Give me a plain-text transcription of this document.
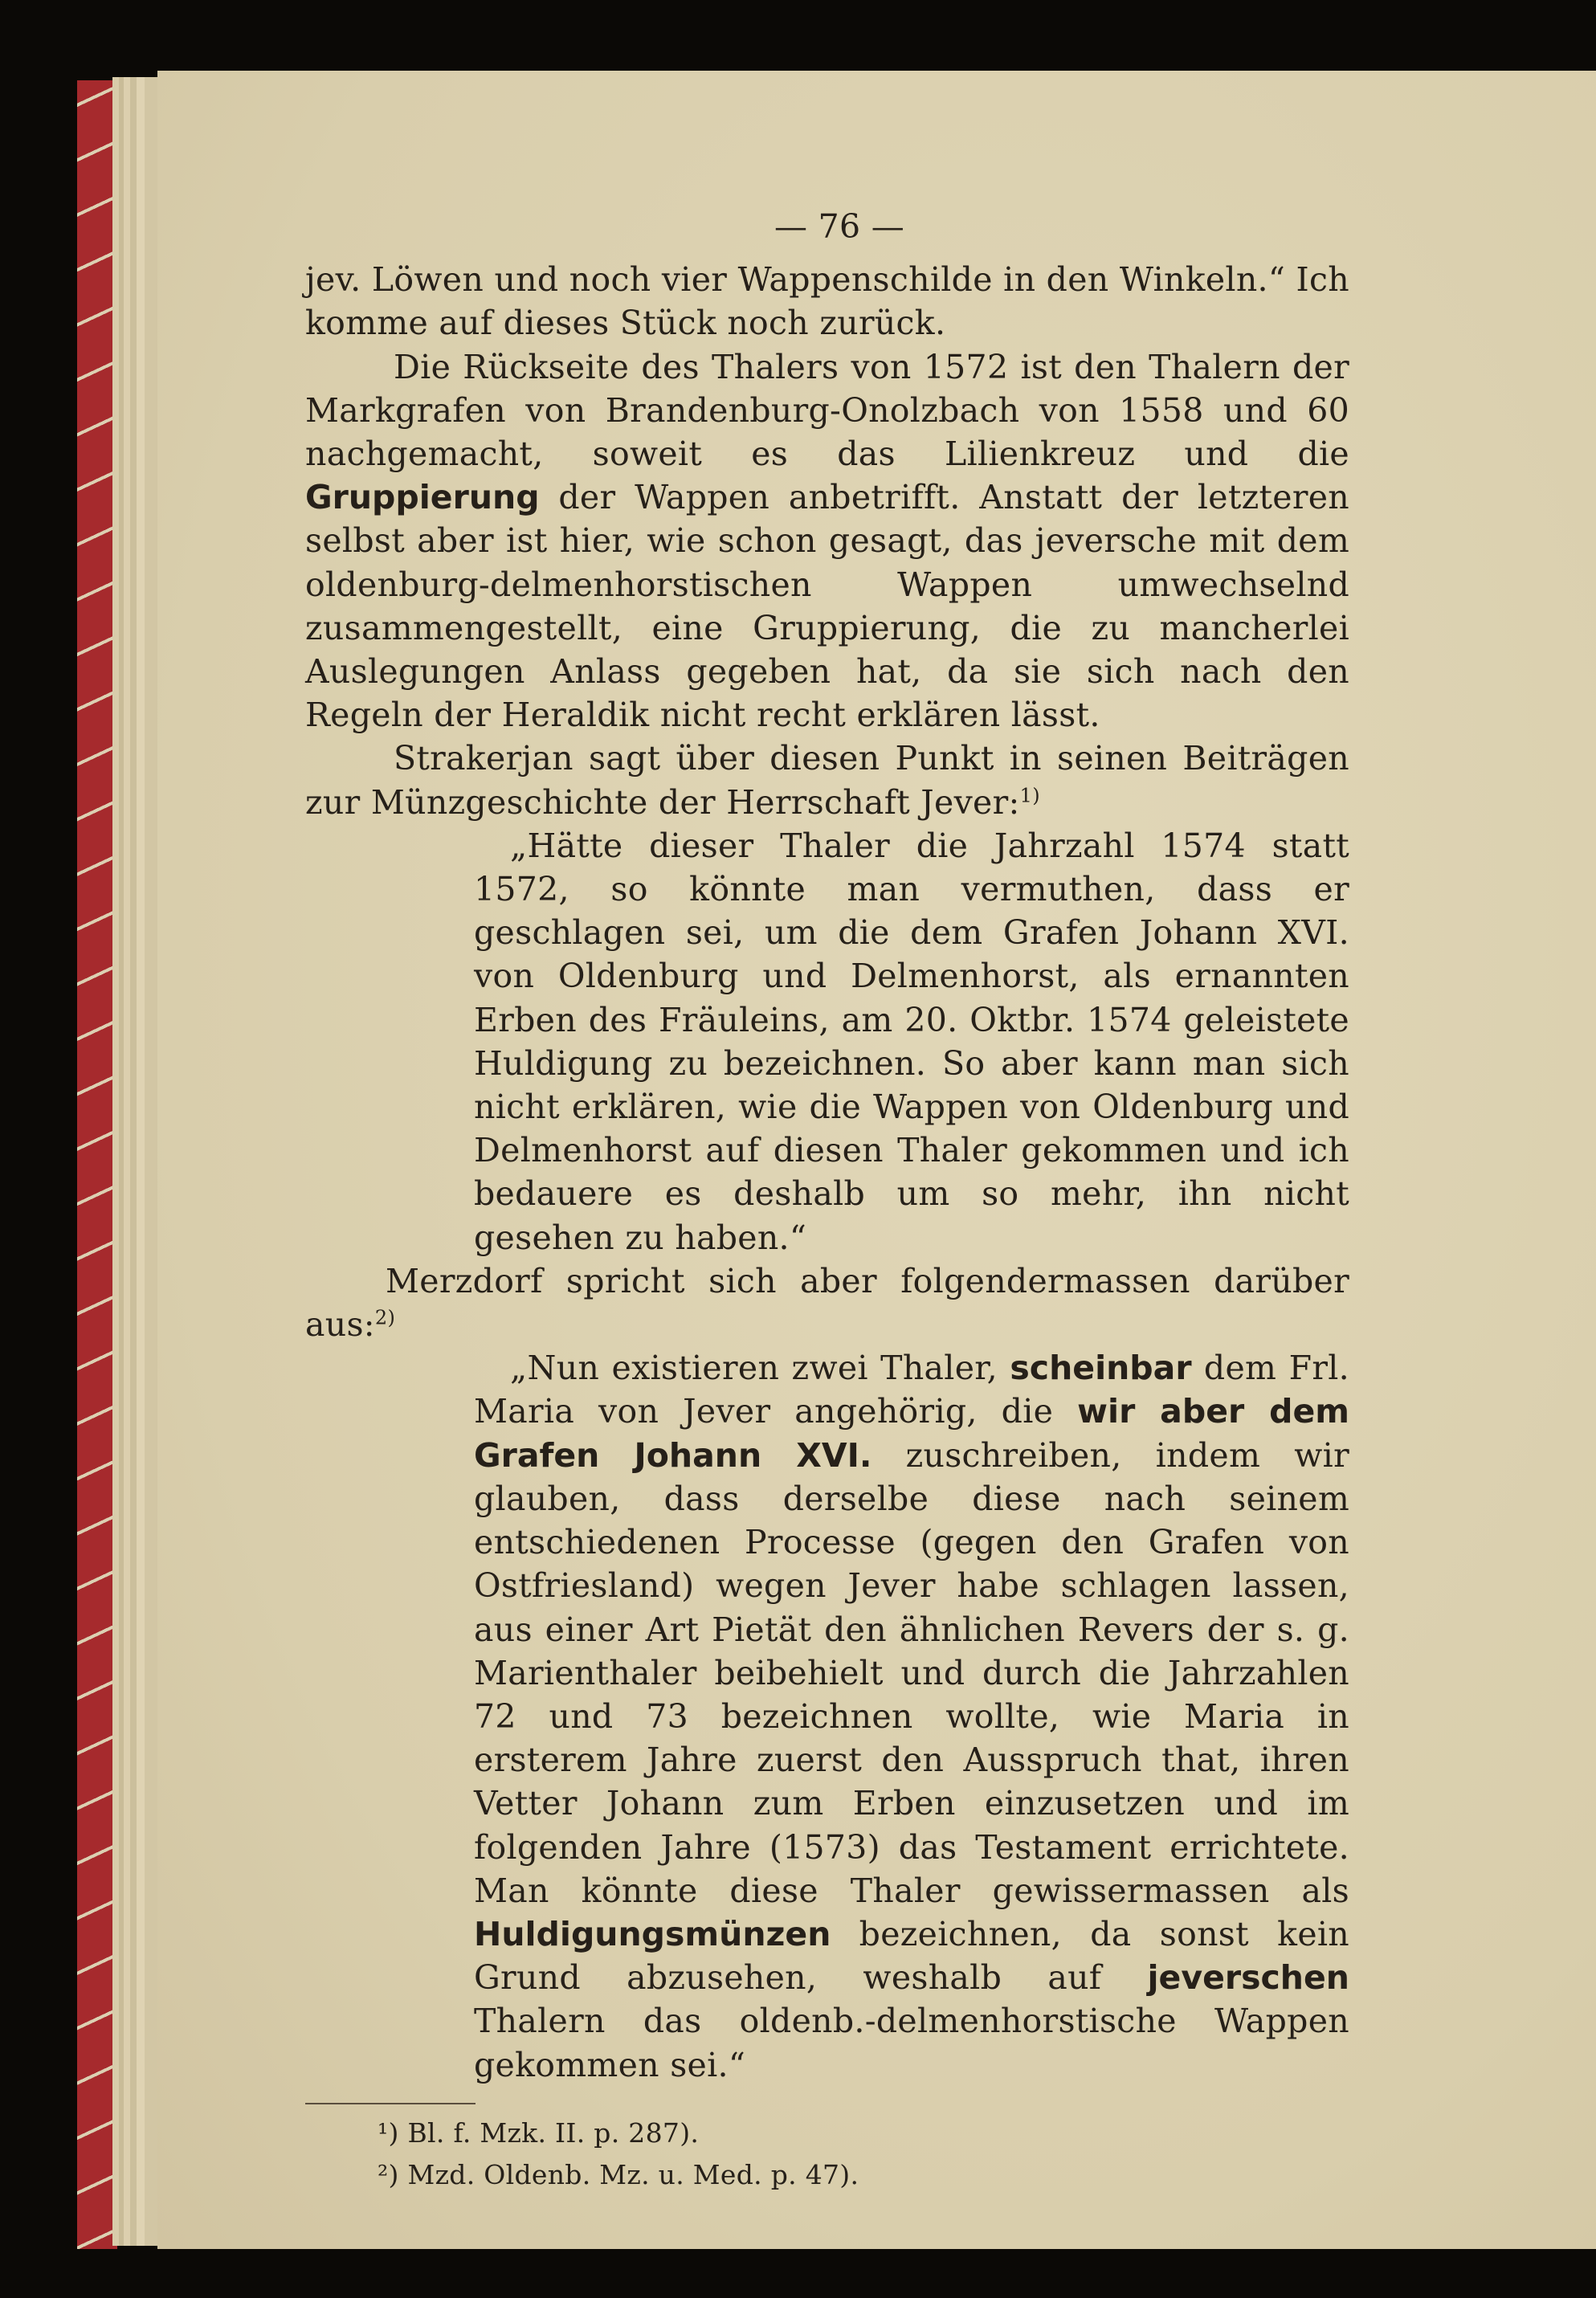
— 76 —

jev. Löwen und noch vier Wappenschilde in den Winkeln.“ Ich komme auf dieses Stück noch zurück.

Die Rückseite des Thalers von 1572 ist den Thalern der Markgrafen von Brandenburg-Onolzbach von 1558 und 60 nachgemacht, soweit es das Lilienkreuz und die Gruppierung der Wappen anbetrifft. Anstatt der letzteren selbst aber ist hier, wie schon gesagt, das jeversche mit dem oldenburg-delmenhorstischen Wappen umwechselnd zusammengestellt, eine Gruppierung, die zu mancherlei Auslegungen Anlass gegeben hat, da sie sich nach den Regeln der Heraldik nicht recht erklären lässt.

Strakerjan sagt über diesen Punkt in seinen Beiträgen zur Münzgeschichte der Herrschaft Jever:$^{1)}$

„Hätte dieser Thaler die Jahrzahl 1574 statt 1572, so könnte man vermuthen, dass er geschlagen sei, um die dem Grafen Johann XVI. von Oldenburg und Delmenhorst, als ernannten Erben des Fräuleins, am 20. Oktbr. 1574 geleistete Huldigung zu bezeichnen. So aber kann man sich nicht erklären, wie die Wappen von Oldenburg und Delmenhorst auf diesen Thaler gekommen und ich bedauere es deshalb um so mehr, ihn nicht gesehen zu haben.“

Merzdorf spricht sich aber folgendermassen darüber aus:$^{2)}$

„Nun existieren zwei Thaler, scheinbar dem Frl. Maria von Jever angehörig, die wir aber dem Grafen Johann XVI. zuschreiben, indem wir glauben, dass derselbe diese nach seinem entschiedenen Processe (gegen den Grafen von Ostfriesland) wegen Jever habe schlagen lassen, aus einer Art Pietät den ähnlichen Revers der s. g. Marienthaler beibehielt und durch die Jahrzahlen 72 und 73 bezeichnen wollte, wie Maria in ersterem Jahre zuerst den Ausspruch that, ihren Vetter Johann zum Erben einzusetzen und im folgenden Jahre (1573) das Testament errichtete. Man könnte diese Thaler gewissermassen als Huldigungsmünzen bezeichnen, da sonst kein Grund abzusehen, weshalb auf jeverschen Thalern das oldenb.-delmenhorstische Wappen gekommen sei.“

¹) Bl. f. Mzk. II. p. 287).
²) Mzd. Oldenb. Mz. u. Med. p. 47).
